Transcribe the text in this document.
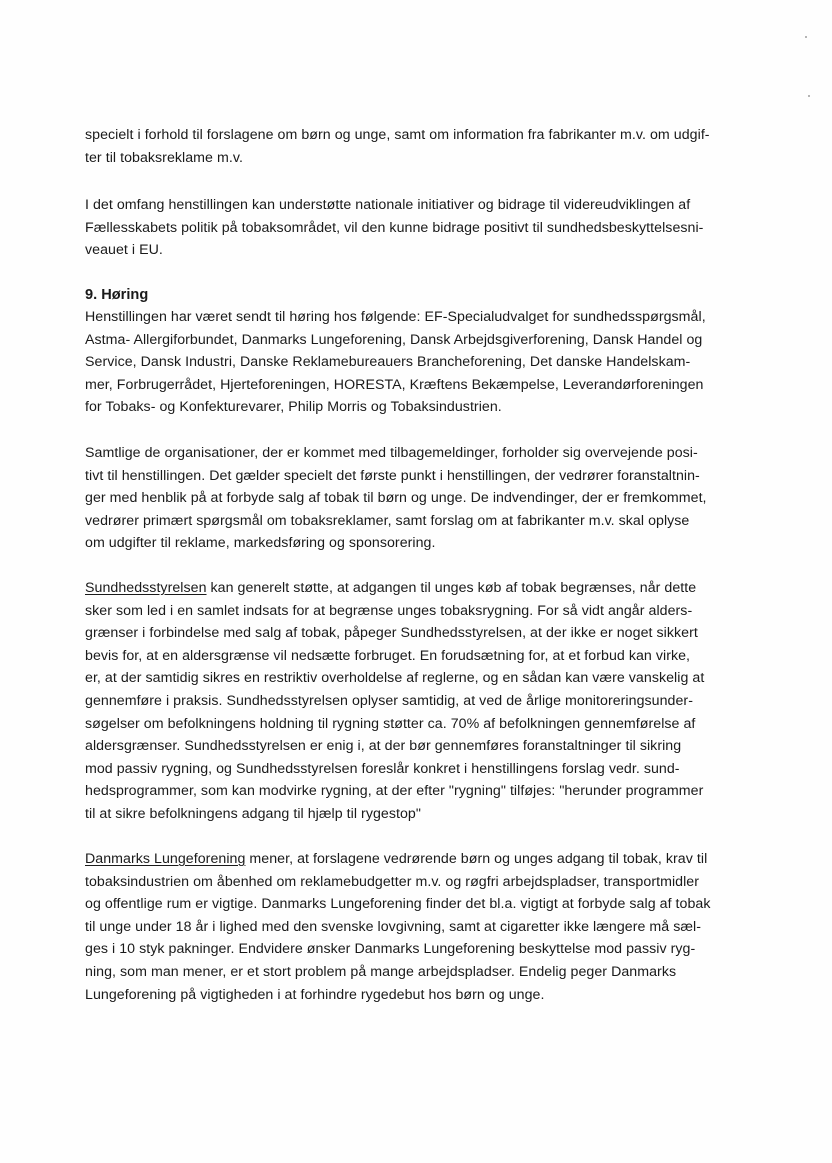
specielt i forhold til forslagene om børn og unge, samt om information fra fabrikanter m.v. om udgif-
ter til tobaksreklame m.v.
I det omfang henstillingen kan understøtte nationale initiativer og bidrage til videreudviklingen af
Fællesskabets politik på tobaksområdet, vil den kunne bidrage positivt til sundhedsbeskyttelsesni-
veauet i EU.
9. Høring
Henstillingen har været sendt til høring hos følgende: EF-Specialudvalget for sundhedsspørgsmål,
Astma- Allergiforbundet, Danmarks Lungeforening, Dansk Arbejdsgiverforening, Dansk Handel og
Service, Dansk Industri, Danske Reklamebureauers Brancheforening, Det danske Handelskam-
mer, Forbrugerrådet, Hjerteforeningen, HORESTA, Kræftens Bekæmpelse, Leverandørforeningen
for Tobaks- og Konfekturevarer, Philip Morris og Tobaksindustrien.
Samtlige de organisationer, der er kommet med tilbagemeldinger, forholder sig overvejende posi-
tivt til henstillingen. Det gælder specielt det første punkt i henstillingen, der vedrører foranstaltnin-
ger med henblik på at forbyde salg af tobak til børn og unge. De indvendinger, der er fremkommet,
vedrører primært spørgsmål om tobaksreklamer, samt forslag om at fabrikanter m.v. skal oplyse
om udgifter til reklame, markedsføring og sponsorering.
Sundhedsstyrelsen kan generelt støtte, at adgangen til unges køb af tobak begrænses, når dette
sker som led i en samlet indsats for at begrænse unges tobaksrygning. For så vidt angår alders-
grænser i forbindelse med salg af tobak, påpeger Sundhedsstyrelsen, at der ikke er noget sikkert
bevis for, at en aldersgrænse vil nedsætte forbruget. En forudsætning for, at et forbud kan virke,
er, at der samtidig sikres en restriktiv overholdelse af reglerne, og en sådan kan være vanskelig at
gennemføre i praksis. Sundhedsstyrelsen oplyser samtidig, at ved de årlige monitoreringsunder-
søgelser om befolkningens holdning til rygning støtter ca. 70% af befolkningen gennemførelse af
aldersgrænser. Sundhedsstyrelsen er enig i, at der bør gennemføres foranstaltninger til sikring
mod passiv rygning, og Sundhedsstyrelsen foreslår konkret i henstillingens forslag vedr. sund-
hedsprogrammer, som kan modvirke rygning, at der efter "rygning" tilføjes: "herunder programmer
til at sikre befolkningens adgang til hjælp til rygestop"
Danmarks Lungeforening mener, at forslagene vedrørende børn og unges adgang til tobak, krav til
tobaksindustrien om åbenhed om reklamebudgetter m.v. og røgfri arbejdspladser, transportmidler
og offentlige rum er vigtige. Danmarks Lungeforening finder det bl.a. vigtigt at forbyde salg af tobak
til unge under 18 år i lighed med den svenske lovgivning, samt at cigaretter ikke længere må sæl-
ges i 10 styk pakninger. Endvidere ønsker Danmarks Lungeforening beskyttelse mod passiv ryg-
ning, som man mener, er et stort problem på mange arbejdspladser. Endelig peger Danmarks
Lungeforening på vigtigheden i at forhindre rygedebut hos børn og unge.
